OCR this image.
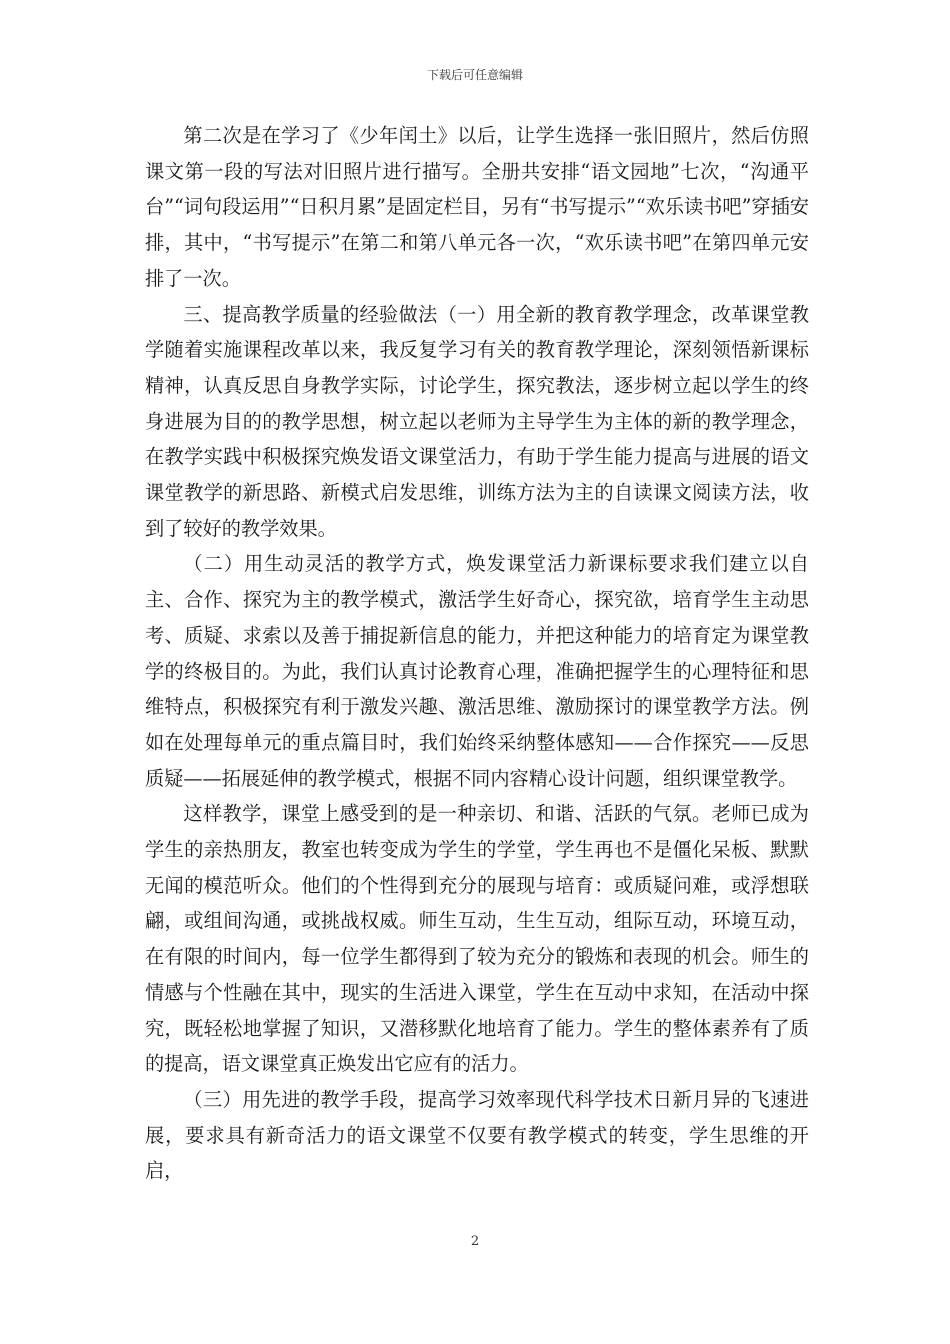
下载后可任意编辑

第二次是在学习了《少年闰土》以后，让学生选择一张旧照片，然后仿照课文第一段的写法对旧照片进行描写。全册共安排“语文园地”七次，“沟通平台”“词句段运用”“日积月累”是固定栏目，另有“书写提示”“欢乐读书吧”穿插安排，其中，“书写提示”在第二和第八单元各一次，“欢乐读书吧”在第四单元安排了一次。

三、提高教学质量的经验做法（一）用全新的教育教学理念，改革课堂教学随着实施课程改革以来，我反复学习有关的教育教学理论，深刻领悟新课标精神，认真反思自身教学实际，讨论学生，探究教法，逐步树立起以学生的终身进展为目的的教学思想，树立起以老师为主导学生为主体的新的教学理念，在教学实践中积极探究焕发语文课堂活力，有助于学生能力提高与进展的语文课堂教学的新思路、新模式启发思维，训练方法为主的自读课文阅读方法，收到了较好的教学效果。

（二）用生动灵活的教学方式，焕发课堂活力新课标要求我们建立以自主、合作、探究为主的教学模式，激活学生好奇心，探究欲，培育学生主动思考、质疑、求索以及善于捕捉新信息的能力，并把这种能力的培育定为课堂教学的终极目的。为此，我们认真讨论教育心理，准确把握学生的心理特征和思维特点，积极探究有利于激发兴趣、激活思维、激励探讨的课堂教学方法。例如在处理每单元的重点篇目时，我们始终采纳整体感知——合作探究——反思质疑——拓展延伸的教学模式，根据不同内容精心设计问题，组织课堂教学。

这样教学，课堂上感受到的是一种亲切、和谐、活跃的气氛。老师已成为学生的亲热朋友，教室也转变成为学生的学堂，学生再也不是僵化呆板、默默无闻的模范听众。他们的个性得到充分的展现与培育：或质疑问难，或浮想联翩，或组间沟通，或挑战权威。师生互动，生生互动，组际互动，环境互动，在有限的时间内，每一位学生都得到了较为充分的锻炼和表现的机会。师生的情感与个性融在其中，现实的生活进入课堂，学生在互动中求知，在活动中探究，既轻松地掌握了知识，又潜移默化地培育了能力。学生的整体素养有了质的提高，语文课堂真正焕发出它应有的活力。

（三）用先进的教学手段，提高学习效率现代科学技术日新月异的飞速进展，要求具有新奇活力的语文课堂不仅要有教学模式的转变，学生思维的开启，

2
